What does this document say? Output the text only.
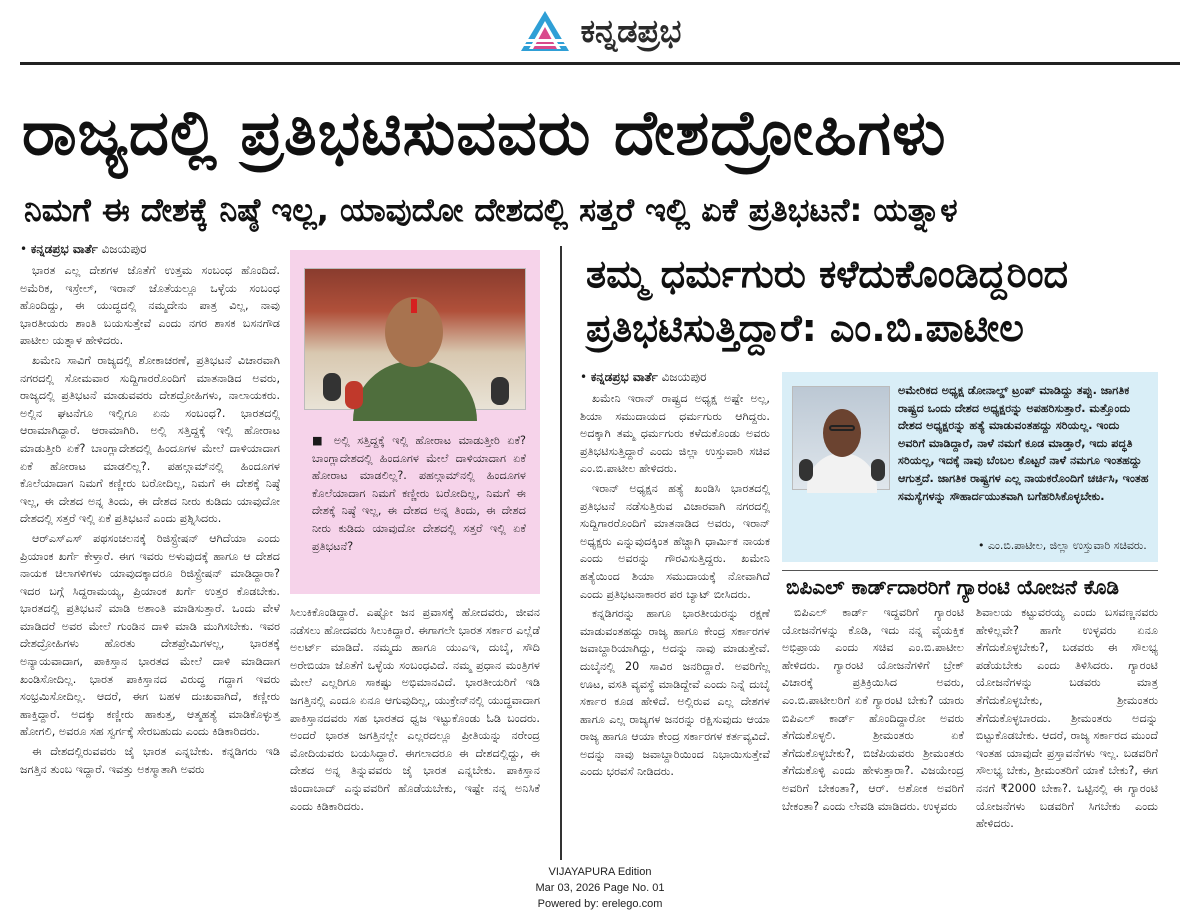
ಕನ್ನಡಪ್ರಭ
ರಾಜ್ಯದಲ್ಲಿ ಪ್ರತಿಭಟಿಸುವವರು ದೇಶದ್ರೋಹಿಗಳು
ನಿಮಗೆ ಈ ದೇಶಕ್ಕೆ ನಿಷ್ಠೆ ಇಲ್ಲ, ಯಾವುದೋ ದೇಶದಲ್ಲಿ ಸತ್ತರೆ ಇಲ್ಲಿ ಏಕೆ ಪ್ರತಿಭಟನೆ: ಯತ್ನಾಳ
• ಕನ್ನಡಪ್ರಭ ವಾರ್ತೆ ವಿಜಯಪುರ

ಭಾರತ ಎಲ್ಲ ದೇಶಗಳ ಜೊತೆಗೆ ಉತ್ತಮ ಸಂಬಂಧ ಹೊಂದಿದೆ. ಅಮೆರಿಕ, ಇಸ್ರೇಲ್, ಇರಾನ್ ಜೊತೆಯಲ್ಲೂ ಒಳ್ಳೆಯ ಸಂಬಂಧ ಹೊಂದಿದ್ದು, ಈ ಯುದ್ಧದಲ್ಲಿ ನಮ್ಮದೇನು ಪಾತ್ರ ವಿಲ್ಲ, ನಾವು ಭಾರತೀಯರು ಶಾಂತಿ ಬಯಸುತ್ತೇವೆ ಎಂದು ನಗರ ಶಾಸಕ ಬಸನಗೌಡ ಪಾಟೀಲ ಯತ್ನಾಳ ಹೇಳಿದರು.

ಖಮೇನಿ ಸಾವಿಗೆ ರಾಜ್ಯದಲ್ಲಿ ಶೋಕಾಚರಣೆ, ಪ್ರತಿಭಟನೆ ವಿಚಾರವಾಗಿ ನಗರದಲ್ಲಿ ಸೋಮವಾರ ಸುದ್ದಿಗಾರರೊಂದಿಗೆ ಮಾತನಾಡಿದ ಅವರು, ರಾಜ್ಯದಲ್ಲಿ ಪ್ರತಿಭಟನೆ ಮಾಡುವವರು ದೇಶದ್ರೋಹಿಗಳು, ನಾಲಾಯಕರು. ಅಲ್ಲಿನ ಘಟನೆಗೂ ಇಲ್ಲಿಗೂ ಏನು ಸಂಬಂಧ?. ಭಾರತದಲ್ಲಿ ಆರಾಮಾಗಿದ್ದಾರೆ. ಆರಾಮಾಗಿರಿ. ಅಲ್ಲಿ ಸತ್ತಿದ್ದಕ್ಕೆ ಇಲ್ಲಿ ಹೋರಾಟ ಮಾಡುತ್ತೀರಿ ಏಕೆ? ಬಾಂಗ್ಲಾದೇಶದಲ್ಲಿ ಹಿಂದೂಗಳ ಮೇಲೆ ದಾಳಿಯಾದಾಗ ಏಕೆ ಹೋರಾಟ ಮಾಡಲಿಲ್ಲ?. ಪಹಲ್ಗಾಮ್‌ನಲ್ಲಿ ಹಿಂದೂಗಳ ಕೊಲೆಯಾದಾಗ ನಿಮಗೆ ಕಣ್ಣೀರು ಬರೋದಿಲ್ಲ, ನಿಮಗೆ ಈ ದೇಶಕ್ಕೆ ನಿಷ್ಠೆ ಇಲ್ಲ, ಈ ದೇಶದ ಅನ್ನ ತಿಂದು, ಈ ದೇಶದ ನೀರು ಕುಡಿದು ಯಾವುದೋ ದೇಶದಲ್ಲಿ ಸತ್ತರೆ ಇಲ್ಲಿ ಏಕೆ ಪ್ರತಿಭಟನೆ ಎಂದು ಪ್ರಶ್ನಿಸಿದರು.

ಆರ್‌ಎಸ್‌ಎಸ್ ಪಥಸಂಚಲನಕ್ಕೆ ರಿಜಿಸ್ಟ್ರೇಷನ್ ಆಗಿದೆಯಾ ಎಂದು ಪ್ರಿಯಾಂಕ ಖರ್ಗೆ ಕೇಳ್ತಾರೆ. ಈಗ ಇವರು ಅಳುವುದಕ್ಕೆ ಹಾಗೂ ಆ ದೇಶದ ನಾಯಕ ಚಿಲಾಗಳಿಗಳು ಯಾವುದಕ್ಕಾದರೂ ರಿಜಿಸ್ಟ್ರೇಷನ್ ಮಾಡಿದ್ದಾರಾ? ಇದರ ಬಗ್ಗೆ ಸಿದ್ದರಾಮಯ್ಯ, ಪ್ರಿಯಾಂಕ ಖರ್ಗೆ ಉತ್ತರ ಕೊಡಬೇಕು. ಭಾರತದಲ್ಲಿ ಪ್ರತಿಭಟನೆ ಮಾಡಿ ಅಶಾಂತಿ ಮಾಡಿಸುತ್ತಾರೆ. ಒಂದು ವೇಳೆ ಮಾಡಿದರೆ ಅವರ ಮೇಲೆ ಗುಂಡಿನ ದಾಳಿ ಮಾಡಿ ಮುಗಿಸಬೇಕು. ಇವರ ದೇಶದ್ರೋಹಿಗಳು ಹೊರತು ದೇಶಪ್ರೇಮಿಗಳಲ್ಲ, ಭಾರತಕ್ಕೆ ಅನ್ಯಾಯವಾದಾಗ, ಪಾಕಿಸ್ತಾನ ಭಾರತದ ಮೇಲೆ ದಾಳಿ ಮಾಡಿದಾಗ ಖಂಡಿಸೋದಿಲ್ಲ. ಭಾರತ ಪಾಕಿಸ್ತಾನದ ವಿರುದ್ಧ ಗದ್ದಾಗ ಇವರು ಸಂಭ್ರಮಿಸೋದಿಲ್ಲ. ಆದರೆ, ಈಗ ಬಹಳ ದುಃಖವಾಗಿದೆ, ಕಣ್ಣೀರು ಹಾಕ್ತಿದ್ದಾರೆ. ಅದಕ್ಕು ಕಣ್ಣೀರು ಹಾಕುತ್ತ, ಆತ್ಮಹತ್ಯೆ ಮಾಡಿಕೊಳ್ಳುತ್ತ ಹೋಗಲಿ, ಅವರೂ ಸಹ ಸ್ವರ್ಗಕ್ಕೆ ಸೇರಬಹುದು ಎಂದು ಕಿಡಿಕಾರಿದರು.

ಈ ದೇಶದಲ್ಲಿರುವವರು ಜೈ ಭಾರತ ಎನ್ನಬೇಕು. ಕನ್ನಡಿಗರು ಇಡಿ ಜಗತ್ತಿನ ತುಂಬ ಇದ್ದಾರೆ. ಇವತ್ತು ಅಕಸ್ಮಾತಾಗಿ ಅವರು

■ ಅಲ್ಲಿ ಸತ್ತಿದ್ದಕ್ಕೆ ಇಲ್ಲಿ ಹೋರಾಟ ಮಾಡುತ್ತೀರಿ ಏಕೆ? ಬಾಂಗ್ಲಾದೇಶದಲ್ಲಿ ಹಿಂದೂಗಳ ಮೇಲೆ ದಾಳಿಯಾದಾಗ ಏಕೆ ಹೋರಾಟ ಮಾಡಲಿಲ್ಲ?. ಪಹಲ್ಗಾಮ್‌ನಲ್ಲಿ ಹಿಂದೂಗಳ ಕೊಲೆಯಾದಾಗ ನಿಮಗೆ ಕಣ್ಣೀರು ಬರೋದಿಲ್ಲ, ನಿಮಗೆ ಈ ದೇಶಕ್ಕೆ ನಿಷ್ಠೆ ಇಲ್ಲ, ಈ ದೇಶದ ಅನ್ನ ತಿಂದು, ಈ ದೇಶದ ನೀರು ಕುಡಿದು ಯಾವುದೋ ದೇಶದಲ್ಲಿ ಸತ್ತರೆ ಇಲ್ಲಿ ಏಕೆ ಪ್ರತಿಭಟನೆ?

ಸಿಲುಕಿಕೊಂಡಿದ್ದಾರೆ. ಎಷ್ಟೋ ಜನ ಪ್ರವಾಸಕ್ಕೆ ಹೋದವರು, ಜೀವನ ನಡೆಸಲು ಹೋದವರು ಸಿಲುಕಿದ್ದಾರೆ. ಈಗಾಗಲೇ ಭಾರತ ಸರ್ಕಾರ ಎಲ್ಲೆಡೆ ಅಲರ್ಟ್ ಮಾಡಿದೆ. ನಮ್ಮದು ಹಾಗೂ ಯುಎಇ, ದುಬೈ, ಸೌದಿ ಅರೇಬಿಯಾ ಜೊತೆಗೆ ಒಳ್ಳೆಯ ಸಂಬಂಧವಿದೆ. ನಮ್ಮ ಪ್ರಧಾನ ಮಂತ್ರಿಗಳ ಮೇಲೆ ಎಲ್ಲರಿಗೂ ಸಾಕಷ್ಟು ಅಭಿಮಾನವಿದೆ. ಭಾರತೀಯರಿಗೆ ಇಡಿ ಜಗತ್ತಿನಲ್ಲಿ ಎಂದೂ ಏನೂ ಆಗುವುದಿಲ್ಲ, ಯುಕ್ರೇನ್‌ನಲ್ಲಿ ಯುದ್ಧವಾದಾಗ ಪಾಕಿಸ್ತಾನದವರು ಸಹ ಭಾರತದ ಧ್ವಜ ಇಟ್ಟುಕೊಂಡು ಓಡಿ ಬಂದರು. ಅಂದರೆ ಭಾರತ ಜಗತ್ತಿನಲ್ಲೇ ಎಲ್ಲರದಲ್ಲೂ ಪ್ರೀತಿಯನ್ನು ನರೇಂದ್ರ ಮೋದಿಯವರು ಬಯಸಿದ್ದಾರೆ. ಈಗಲಾದರೂ ಈ ದೇಶದಲ್ಲಿದ್ದು, ಈ ದೇಶದ ಅನ್ನ ತಿನ್ನುವವರು ಜೈ ಭಾರತ ಎನ್ನಬೇಕು. ಪಾಕಿಸ್ತಾನ ಜಿಂದಾಬಾದ್ ಎನ್ನುವವರಿಗೆ ಹೊಡೆಯಬೇಕು, ಇಷ್ಟೇ ನನ್ನ ಅನಿಸಿಕೆ ಎಂದು ಕಿಡಿಕಾರಿದರು.

ತಮ್ಮ ಧರ್ಮಗುರು ಕಳೆದುಕೊಂಡಿದ್ದರಿಂದ
ಪ್ರತಿಭಟಿಸುತ್ತಿದ್ದಾರೆ: ಎಂ.ಬಿ.ಪಾಟೀಲ
• ಕನ್ನಡಪ್ರಭ ವಾರ್ತೆ ವಿಜಯಪುರ

ಖಮೇನಿ ಇರಾನ್ ರಾಷ್ಟ್ರದ ಅಧ್ಯಕ್ಷ ಅಷ್ಟೇ ಅಲ್ಲ, ಶಿಯಾ ಸಮುದಾಯದ ಧರ್ಮಗುರು ಆಗಿದ್ದರು. ಅದಕ್ಕಾಗಿ ತಮ್ಮ ಧರ್ಮಗುರು ಕಳೆದುಕೊಂಡು ಅವರು ಪ್ರತಿಭಟಿಸುತ್ತಿದ್ದಾರೆ ಎಂದು ಜಿಲ್ಲಾ ಉಸ್ತುವಾರಿ ಸಚಿವ ಎಂ.ಬಿ.ಪಾಟೀಲ ಹೇಳಿದರು.

ಇರಾನ್ ಅಧ್ಯಕ್ಷನ ಹತ್ಯೆ ಖಂಡಿಸಿ ಭಾರತದಲ್ಲಿ ಪ್ರತಿಭಟನೆ ನಡೆಸುತ್ತಿರುವ ವಿಚಾರವಾಗಿ ನಗರದಲ್ಲಿ ಸುದ್ದಿಗಾರರೊಂದಿಗೆ ಮಾತನಾಡಿದ ಅವರು, ಇರಾನ್ ಅಧ್ಯಕ್ಷರು ಎನ್ನುವುದಕ್ಕಿಂತ ಹೆಚ್ಚಾಗಿ ಧಾರ್ಮಿಕ ನಾಯಕ ಎಂದು ಅವರನ್ನು ಗೌರವಿಸುತ್ತಿದ್ದರು. ಖಮೇನಿ ಹತ್ಯೆಯಿಂದ ಶಿಯಾ ಸಮುದಾಯಕ್ಕೆ ನೋವಾಗಿದೆ ಎಂದು ಪ್ರತಿಭಟನಾಕಾರರ ಪರ ಬ್ಯಾಟ್ ಬೀಸಿದರು.

ಕನ್ನಡಿಗರನ್ನು ಹಾಗೂ ಭಾರತೀಯರನ್ನು ರಕ್ಷಣೆ ಮಾಡುವಂತಹದ್ದು ರಾಜ್ಯ ಹಾಗೂ ಕೇಂದ್ರ ಸರ್ಕಾರಗಳ ಜವಾಬ್ದಾರಿಯಾಗಿದ್ದು, ಅದನ್ನು ನಾವು ಮಾಡುತ್ತೇವೆ. ದುಬೈನಲ್ಲಿ 20 ಸಾವಿರ ಜನರಿದ್ದಾರೆ. ಅವರಿಗೆಲ್ಲ ಊಟ, ವಸತಿ ವ್ಯವಸ್ಥೆ ಮಾಡಿದ್ದೇವೆ ಎಂದು ನಿನ್ನೆ ದುಬೈ ಸರ್ಕಾರ ಕೂಡ ಹೇಳಿದೆ. ಅಲ್ಲಿರುವ ಎಲ್ಲ ದೇಶಗಳ ಹಾಗೂ ಎಲ್ಲ ರಾಜ್ಯಗಳ ಜನರನ್ನು ರಕ್ಷಿಸುವುದು ಆಯಾ ರಾಜ್ಯ ಹಾಗೂ ಆಯಾ ಕೇಂದ್ರ ಸರ್ಕಾರಗಳ ಕರ್ತವ್ಯವಿದೆ. ಅದನ್ನು ನಾವು ಜವಾಬ್ದಾರಿಯಿಂದ ನಿಭಾಯಿಸುತ್ತೇವೆ ಎಂದು ಭರವಸೆ ನೀಡಿದರು.

ಅಮೇರಿಕದ ಅಧ್ಯಕ್ಷ ಡೋನಾಲ್ಡ್ ಟ್ರಂಪ್ ಮಾಡಿದ್ದು ತಪ್ಪು. ಜಾಗತಿಕ ರಾಷ್ಟ್ರದ ಒಂದು ದೇಶದ ಅಧ್ಯಕ್ಷರನ್ನು ಅಪಹರಿಸುತ್ತಾರೆ. ಮತ್ತೊಂದು ದೇಶದ ಅಧ್ಯಕ್ಷರನ್ನು ಹತ್ಯೆ ಮಾಡುವಂತಹದ್ದು ಸರಿಯಲ್ಲ. ಇಂದು ಅವರಿಗೆ ಮಾಡಿದ್ದಾರೆ, ನಾಳೆ ನಮಗೆ ಕೂಡ ಮಾಡ್ತಾರೆ, ಇದು ಪದ್ಧತಿ ಸರಿಯಲ್ಲ, ಇದಕ್ಕೆ ನಾವು ಬೆಂಬಲ ಕೊಟ್ಟರೆ ನಾಳೆ ನಮಗೂ ಇಂತಹದ್ದು ಆಗುತ್ತದೆ. ಜಾಗತಿಕ ರಾಷ್ಟ್ರಗಳ ಎಲ್ಲ ನಾಯಕರೊಂದಿಗೆ ಚರ್ಚಿಸಿ, ಇಂತಹ ಸಮಸ್ಯೆಗಳನ್ನು ಸೌಹಾರ್ದಯುತವಾಗಿ ಬಗೆಹರಿಸಿಕೊಳ್ಳಬೇಕು.
• ಎಂ.ಬಿ.ಪಾಟೀಲ, ಜಿಲ್ಲಾ ಉಸ್ತುವಾರಿ ಸಚಿವರು.
ಬಿಪಿಎಲ್ ಕಾರ್ಡ್‌ದಾರರಿಗೆ ಗ್ಯಾರಂಟಿ ಯೋಜನೆ ಕೊಡಿ

ಬಿಪಿಎಲ್ ಕಾರ್ಡ್ ಇದ್ದವರಿಗೆ ಗ್ಯಾರಂಟಿ ಯೋಜನೆಗಳನ್ನು ಕೊಡಿ, ಇದು ನನ್ನ ವೈಯಕ್ತಿಕ ಅಭಿಪ್ರಾಯ ಎಂದು ಸಚಿವ ಎಂ.ಬಿ.ಪಾಟೀಲ ಹೇಳಿದರು. ಗ್ಯಾರಂಟಿ ಯೋಜನೆಗಳಿಗೆ ಬ್ರೇಕ್ ವಿಚಾರಕ್ಕೆ ಪ್ರತಿಕ್ರಿಯಿಸಿದ ಅವರು, ಎಂ.ಬಿ.ಪಾಟೀಲರಿಗೆ ಏಕೆ ಗ್ಯಾರಂಟಿ ಬೇಕು? ಯಾರು ಬಿಪಿಎಲ್ ಕಾರ್ಡ್ ಹೊಂದಿದ್ದಾರೋ ಅವರು ತೆಗೆದುಕೊಳ್ಳಲಿ. ಶ್ರೀಮಂತರು ಏಕೆ ತೆಗೆದುಕೊಳ್ಳಬೇಕು?, ಬಿಜೆಪಿಯವರು ಶ್ರೀಮಂತರು ತೆಗೆದುಕೊಳ್ಳಿ ಎಂದು ಹೇಳುತ್ತಾರಾ?. ವಿಜಯೇಂದ್ರ ಅವರಿಗೆ ಬೇಕಂತಾ?, ಆರ್. ಅಶೋಕ ಅವರಿಗೆ ಬೇಕಂತಾ? ಎಂದು ಲೇವಡಿ ಮಾಡಿದರು. ಉಳ್ಳವರು

ಶಿವಾಲಯ ಕಟ್ಟುವರಯ್ಯ ಎಂದು ಬಸವಣ್ಣನವರು ಹೇಳಿಲ್ಲವೇ? ಹಾಗೇ ಉಳ್ಳವರು ಏನೂ ತೆಗೆದುಕೊಳ್ಳಬೇಕು?, ಬಡವರು ಈ ಸೌಲಭ್ಯ ಪಡೆಯಬೇಕು ಎಂದು ತಿಳಿಸಿದರು. ಗ್ಯಾರಂಟಿ ಯೋಜನೆಗಳನ್ನು ಬಡವರು ಮಾತ್ರ ತೆಗೆದುಕೊಳ್ಳಬೇಕು, ಶ್ರೀಮಂತರು ತೆಗೆದುಕೊಳ್ಳಬಾರದು. ಶ್ರೀಮಂತರು ಅದನ್ನು ಬಿಟ್ಟುಕೊಡಬೇಕು. ಆದರೆ, ರಾಜ್ಯ ಸರ್ಕಾರದ ಮುಂದೆ ಇಂತಹ ಯಾವುದೇ ಪ್ರಸ್ತಾವನೆಗಳು ಇಲ್ಲ. ಬಡವರಿಗೆ ಸೌಲಭ್ಯ ಬೇಕು, ಶ್ರೀಮಂತರಿಗೆ ಯಾಕೆ ಬೇಕು?, ಈಗ ನನಗೆ ₹2000 ಬೇಕಾ?. ಒಟ್ಟಿನಲ್ಲಿ ಈ ಗ್ಯಾರಂಟಿ ಯೋಜನೆಗಳು ಬಡವರಿಗೆ ಸಿಗಬೇಕು ಎಂದು ಹೇಳಿದರು.

VIJAYAPURA Edition
Mar 03, 2026 Page No. 01
Powered by: erelego.com
